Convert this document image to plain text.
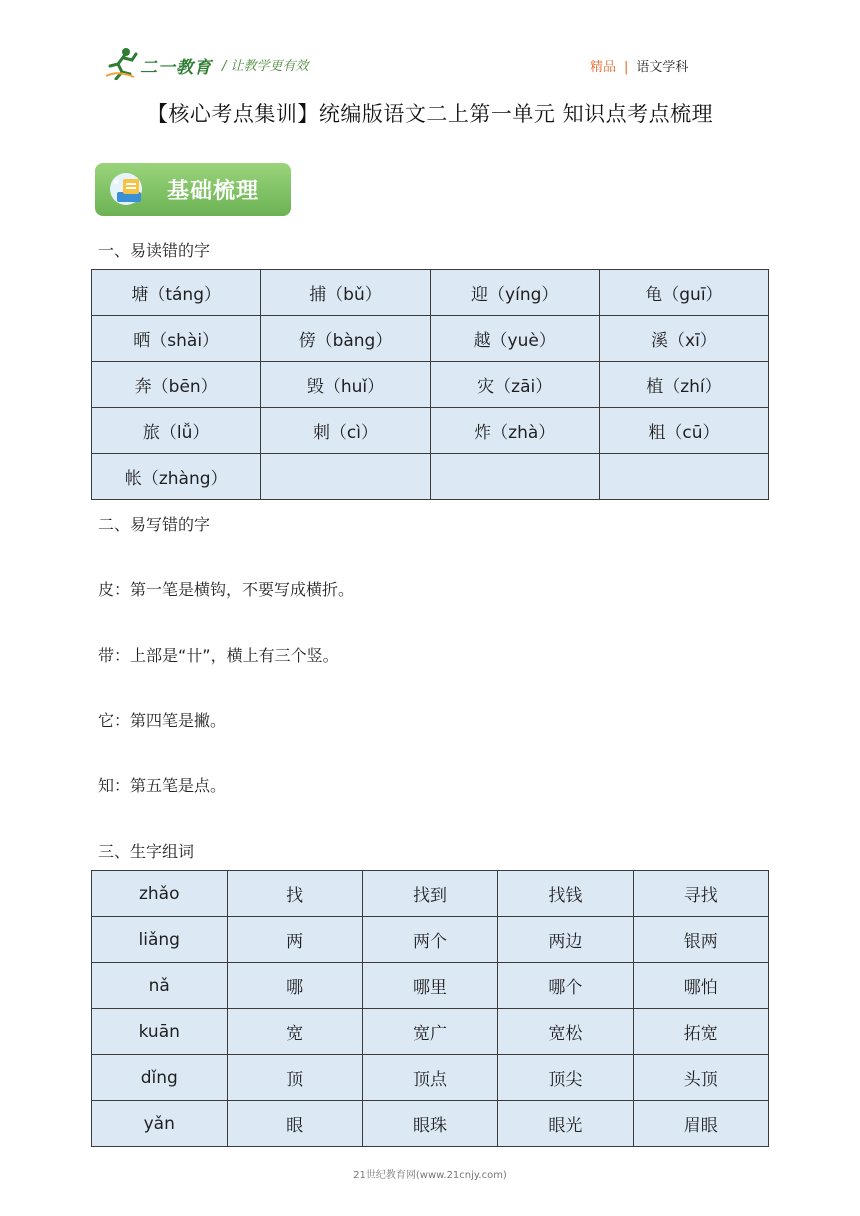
二一教育 / 让教学更有效	精品 | 语文学科
【核心考点集训】统编版语文二上第一单元 知识点考点梳理
基础梳理
一、易读错的字
塘（táng）	捕（bǔ）	迎（yíng）	龟（guī）
晒（shài）	傍（bàng）	越（yuè）	溪（xī）
奔（bēn）	毁（huǐ）	灾（zāi）	植（zhí）
旅（lǚ）	刺（cì）	炸（zhà）	粗（cū）
帐（zhàng）			
二、易写错的字
皮：第一笔是横钩，不要写成横折。
带：上部是“卄”，横上有三个竖。
它：第四笔是撇。
知：第五笔是点。
三、生字组词
zhǎo	找	找到	找钱	寻找
liǎng	两	两个	两边	银两
nǎ	哪	哪里	哪个	哪怕
kuān	宽	宽广	宽松	拓宽
dǐng	顶	顶点	顶尖	头顶
yǎn	眼	眼珠	眼光	眉眼
21世纪教育网(www.21cnjy.com)
